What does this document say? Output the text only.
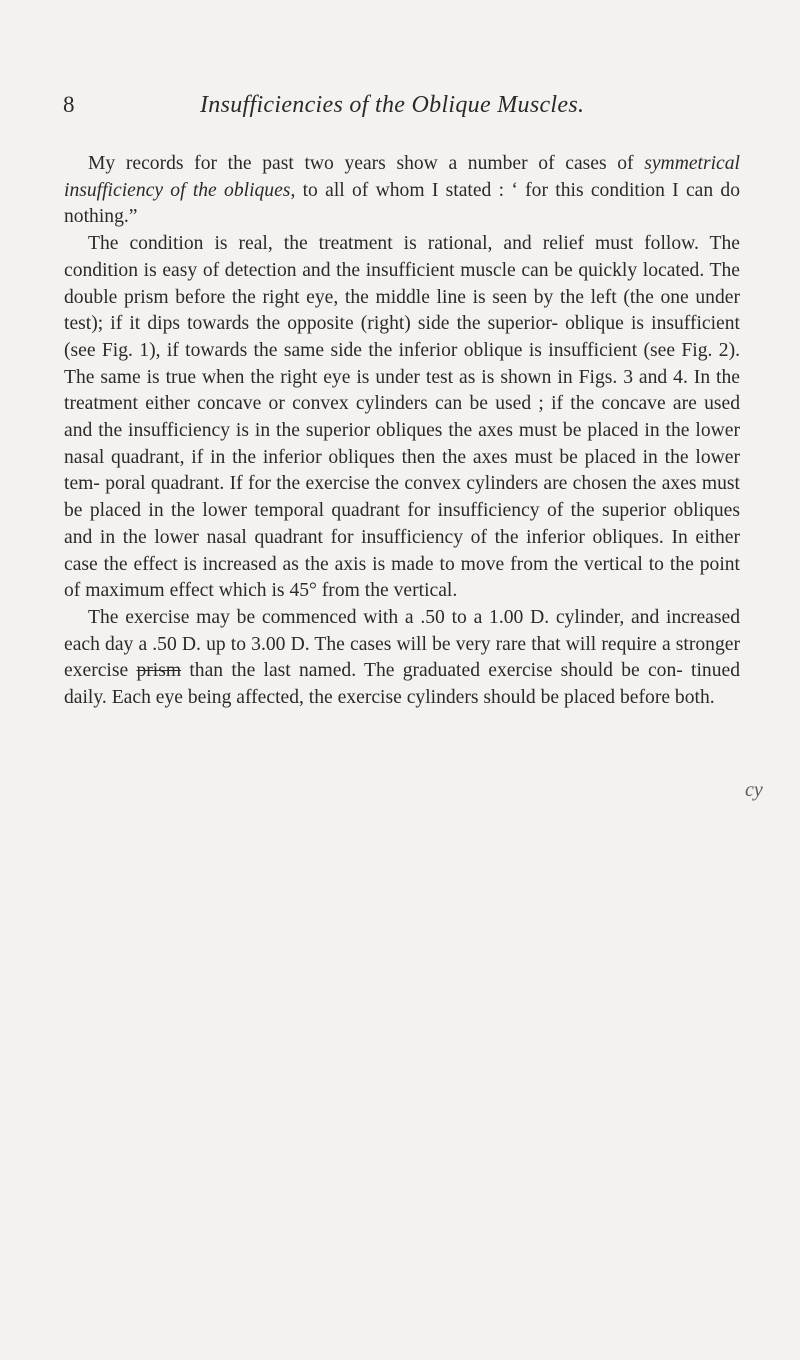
8	Insufficiencies of the Oblique Muscles.

My records for the past two years show a number of cases of symmetrical insufficiency of the obliques, to all of whom I stated : ‘ for this condition I can do nothing.”

The condition is real, the treatment is rational, and relief must follow. The condition is easy of detection and the insufficient muscle can be quickly located. The double prism before the right eye, the middle line is seen by the left (the one under test); if it dips towards the opposite (right) side the superior- oblique is insufficient (see Fig. 1), if towards the same side the inferior oblique is insufficient (see Fig. 2). The same is true when the right eye is under test as is shown in Figs. 3 and 4. In the treatment either concave or convex cylinders can be used ; if the concave are used and the insufficiency is in the superior obliques the axes must be placed in the lower nasal quadrant, if in the inferior obliques then the axes must be placed in the lower tem- poral quadrant. If for the exercise the convex cylinders are chosen the axes must be placed in the lower temporal quadrant for insufficiency of the superior obliques and in the lower nasal quadrant for insufficiency of the inferior obliques. In either case the effect is increased as the axis is made to move from the vertical to the point of maximum effect which is 45° from the vertical.

The exercise may be commenced with a .50 to a 1.00 D. cylinder, and increased each day a .50 D. up to 3.00 D. The cases will be very rare that will require a stronger exercise prism than the last named. The graduated exercise should be con- tinued daily. Each eye being affected, the exercise cylinders should be placed before both.

cy
